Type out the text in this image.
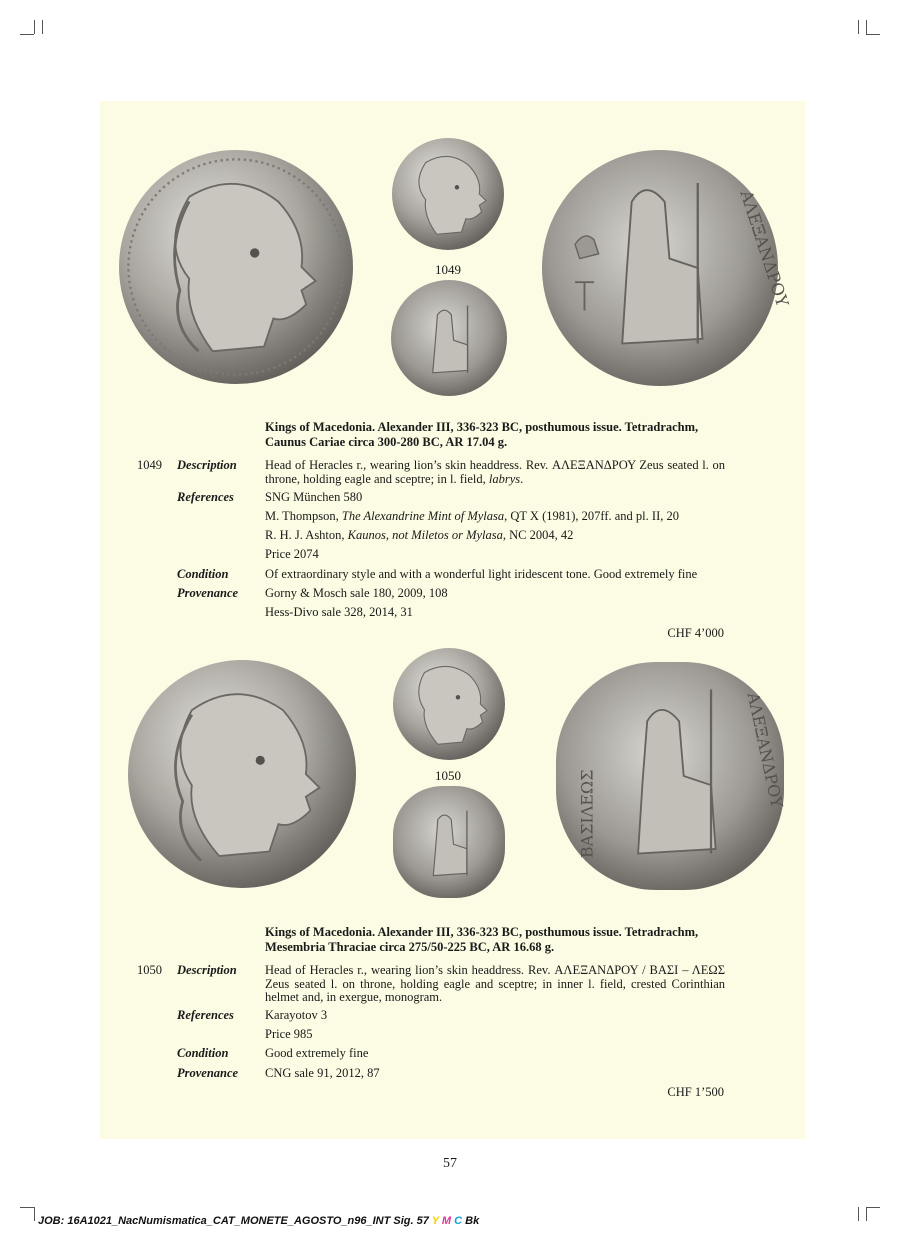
1049	ΑΛΕΞΑΝΔΡΟΥ
Kings of Macedonia. Alexander III, 336-323 BC, posthumous issue. Tetradrachm,
Caunus Cariae circa 300-280 BC, AR 17.04 g.
1049 Description Head of Heracles r., wearing lion’s skin headdress. Rev. ΑΛΕΞΑΝΔΡΟΥ Zeus seated l. on throne, holding eagle and sceptre; in l. field, labrys.
References SNG München 580
M. Thompson, The Alexandrine Mint of Mylasa, QT X (1981), 207ff. and pl. II, 20
R. H. J. Ashton, Kaunos, not Miletos or Mylasa, NC 2004, 42
Price 2074
Condition	Of extraordinary style and with a wonderful light iridescent tone. Good extremely fine
Provenance Gorny & Mosch sale 180, 2009, 108
Hess-Divo sale 328, 2014, 31
CHF 4’000
1050	ΑΛΕΞΑΝΔΡΟΥ
ΒΑΣΙΛΕΩΣ
Kings of Macedonia. Alexander III, 336-323 BC, posthumous issue. Tetradrachm,
Mesembria Thraciae circa 275/50-225 BC, AR 16.68 g.
1050 Description Head of Heracles r., wearing lion’s skin headdress. Rev. ΑΛΕΞΑΝΔΡΟΥ / ΒΑΣΙ – ΛΕΩΣ Zeus seated l. on throne, holding eagle and sceptre; in inner l. field, crested Corinthian helmet and, in exergue, monogram.
References Karayotov 3
Price 985
Condition	Good extremely fine
Provenance CNG sale 91, 2012, 87
CHF 1’500
57
JOB: 16A1021_NacNumismatica_CAT_MONETE_AGOSTO_n96_INT Sig. 57 Y M C Bk
